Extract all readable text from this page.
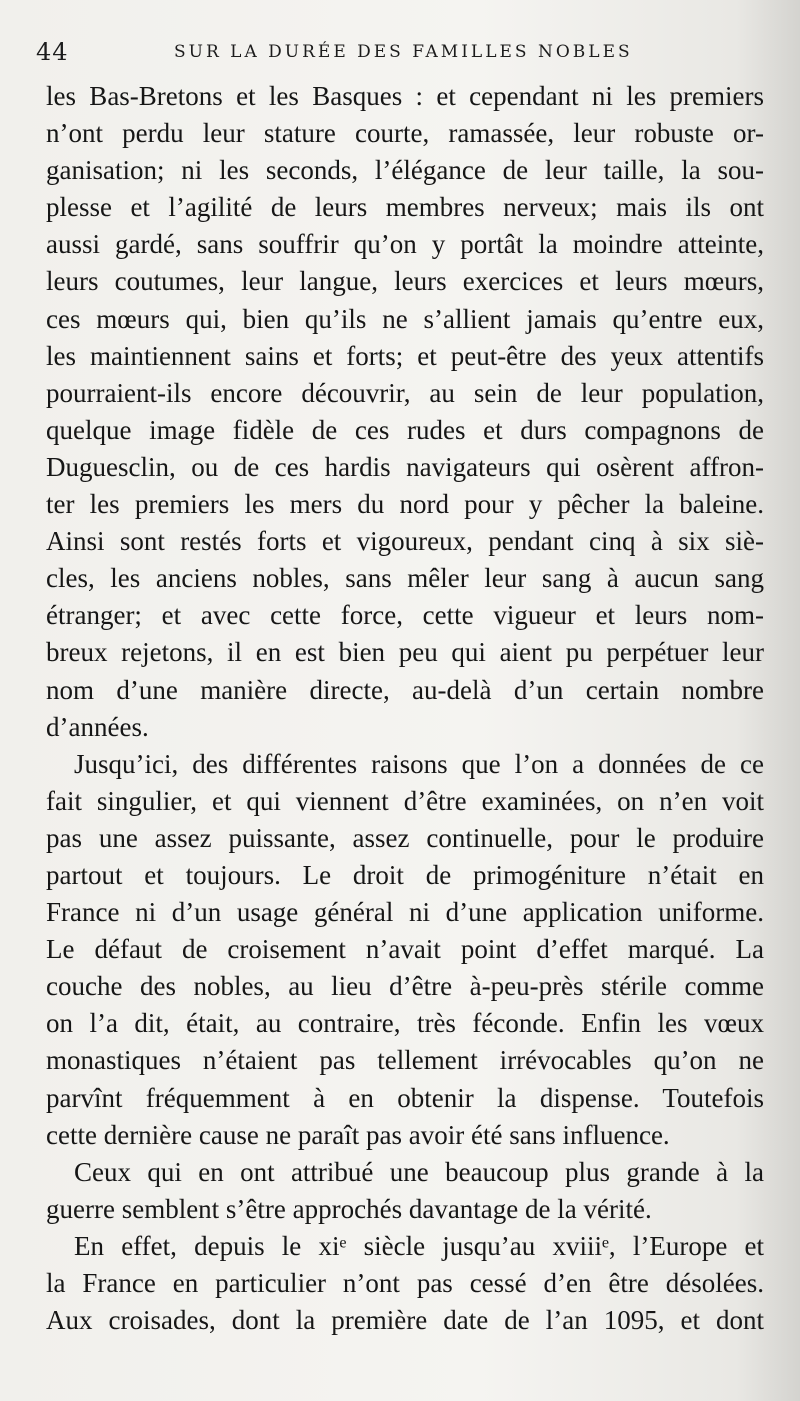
44	SUR LA DURÉE DES FAMILLES NOBLES
les Bas-Bretons et les Basques : et cependant ni les premiers
n’ont perdu leur stature courte, ramassée, leur robuste or-
ganisation; ni les seconds, l’élégance de leur taille, la sou-
plesse et l’agilité de leurs membres nerveux; mais ils ont
aussi gardé, sans souffrir qu’on y portât la moindre atteinte,
leurs coutumes, leur langue, leurs exercices et leurs mœurs,
ces mœurs qui, bien qu’ils ne s’allient jamais qu’entre eux,
les maintiennent sains et forts; et peut-être des yeux attentifs
pourraient-ils encore découvrir, au sein de leur population,
quelque image fidèle de ces rudes et durs compagnons de
Duguesclin, ou de ces hardis navigateurs qui osèrent affron-
ter les premiers les mers du nord pour y pêcher la baleine.
Ainsi sont restés forts et vigoureux, pendant cinq à six siè-
cles, les anciens nobles, sans mêler leur sang à aucun sang
étranger; et avec cette force, cette vigueur et leurs nom-
breux rejetons, il en est bien peu qui aient pu perpétuer leur
nom d’une manière directe, au-delà d’un certain nombre
d’années.
Jusqu’ici, des différentes raisons que l’on a données de ce
fait singulier, et qui viennent d’être examinées, on n’en voit
pas une assez puissante, assez continuelle, pour le produire
partout et toujours. Le droit de primogéniture n’était en
France ni d’un usage général ni d’une application uniforme.
Le défaut de croisement n’avait point d’effet marqué. La
couche des nobles, au lieu d’être à-peu-près stérile comme
on l’a dit, était, au contraire, très féconde. Enfin les vœux
monastiques n’étaient pas tellement irrévocables qu’on ne
parvînt fréquemment à en obtenir la dispense. Toutefois
cette dernière cause ne paraît pas avoir été sans influence.
Ceux qui en ont attribué une beaucoup plus grande à la
guerre semblent s’être approchés davantage de la vérité.
En effet, depuis le xiᵉ siècle jusqu’au xviiiᵉ, l’Europe et
la France en particulier n’ont pas cessé d’en être désolées.
Aux croisades, dont la première date de l’an 1095, et dont
